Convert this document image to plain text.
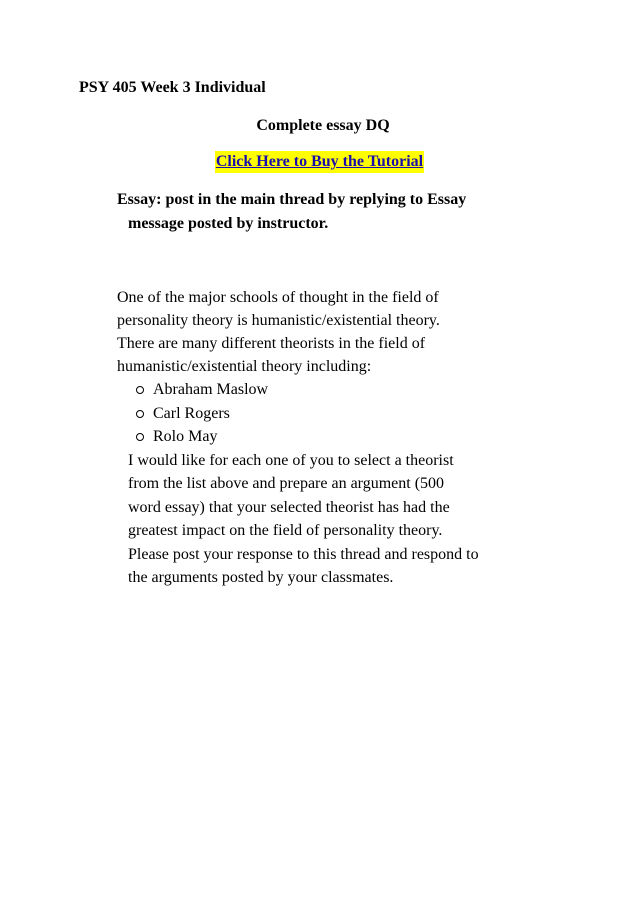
PSY 405 Week 3 Individual
Complete essay DQ
Click Here to Buy the Tutorial
Essay: post in the main thread by replying to Essay
message posted by instructor.

One of the major schools of thought in the field of
personality theory is humanistic/existential theory.
There are many different theorists in the field of
humanistic/existential theory including:

Abraham Maslow
Carl Rogers
Rolo May

I would like for each one of you to select a theorist
from the list above and prepare an argument (500
word essay) that your selected theorist has had the
greatest impact on the field of personality theory.
Please post your response to this thread and respond to
the arguments posted by your classmates.
